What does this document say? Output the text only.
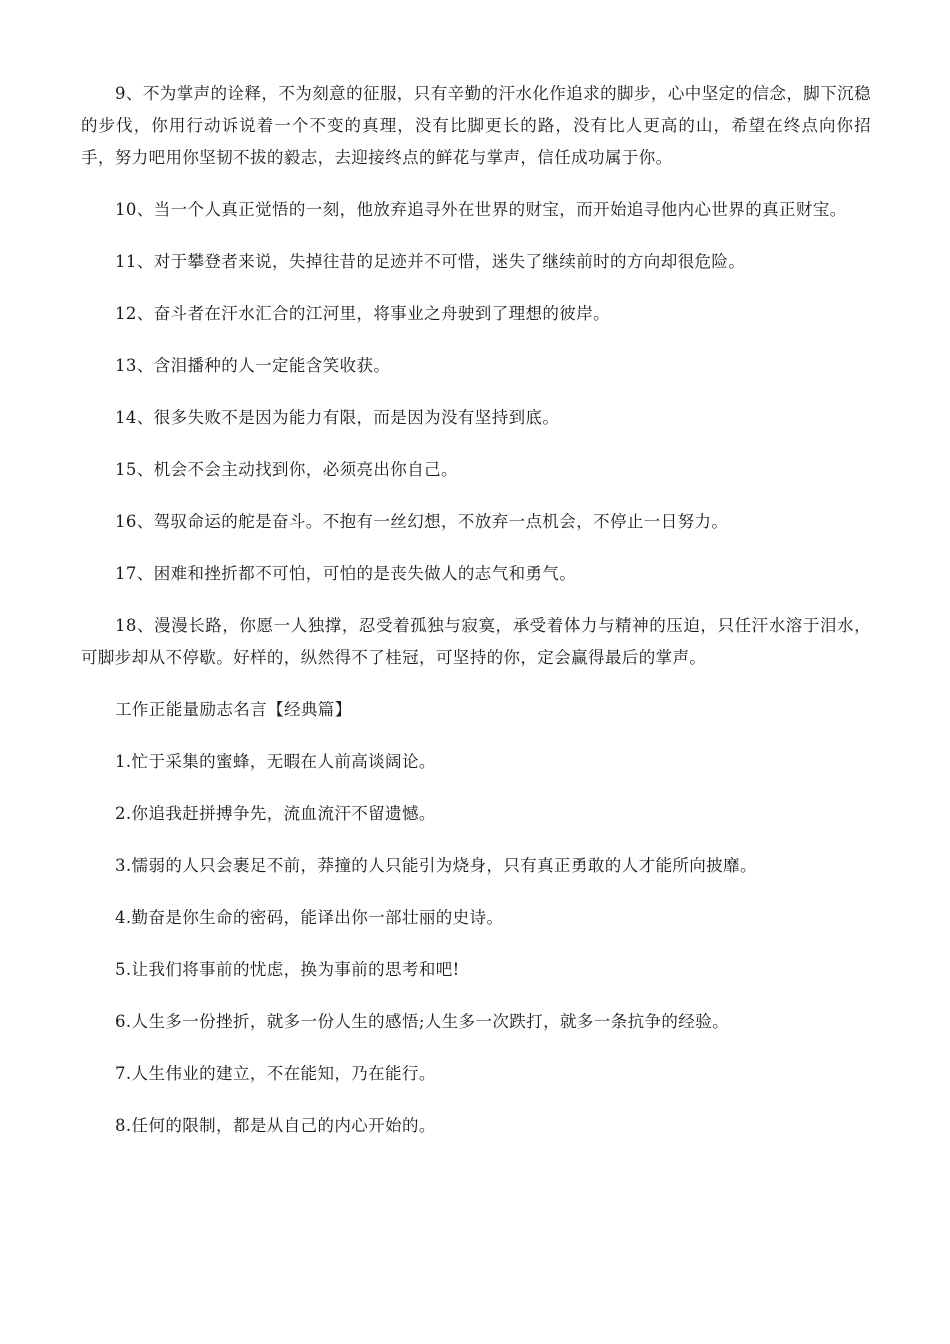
9、不为掌声的诠释，不为刻意的征服，只有辛勤的汗水化作追求的脚步，心中坚定的信念，脚下沉稳的步伐，你用行动诉说着一个不变的真理，没有比脚更长的路，没有比人更高的山，希望在终点向你招手，努力吧用你坚韧不拔的毅志，去迎接终点的鲜花与掌声，信任成功属于你。

10、当一个人真正觉悟的一刻，他放弃追寻外在世界的财宝，而开始追寻他内心世界的真正财宝。

11、对于攀登者来说，失掉往昔的足迹并不可惜，迷失了继续前时的方向却很危险。

12、奋斗者在汗水汇合的江河里，将事业之舟驶到了理想的彼岸。

13、含泪播种的人一定能含笑收获。

14、很多失败不是因为能力有限，而是因为没有坚持到底。

15、机会不会主动找到你，必须亮出你自己。

16、驾驭命运的舵是奋斗。不抱有一丝幻想，不放弃一点机会，不停止一日努力。

17、困难和挫折都不可怕，可怕的是丧失做人的志气和勇气。

18、漫漫长路，你愿一人独撑，忍受着孤独与寂寞，承受着体力与精神的压迫，只任汗水溶于泪水，可脚步却从不停歇。好样的，纵然得不了桂冠，可坚持的你，定会赢得最后的掌声。

工作正能量励志名言【经典篇】

1.忙于采集的蜜蜂，无暇在人前高谈阔论。

2.你追我赶拼搏争先，流血流汗不留遗憾。

3.懦弱的人只会裹足不前，莽撞的人只能引为烧身，只有真正勇敢的人才能所向披靡。

4.勤奋是你生命的密码，能译出你一部壮丽的史诗。

5.让我们将事前的忧虑，换为事前的思考和吧!

6.人生多一份挫折，就多一份人生的感悟;人生多一次跌打，就多一条抗争的经验。

7.人生伟业的建立，不在能知，乃在能行。

8.任何的限制，都是从自己的内心开始的。
